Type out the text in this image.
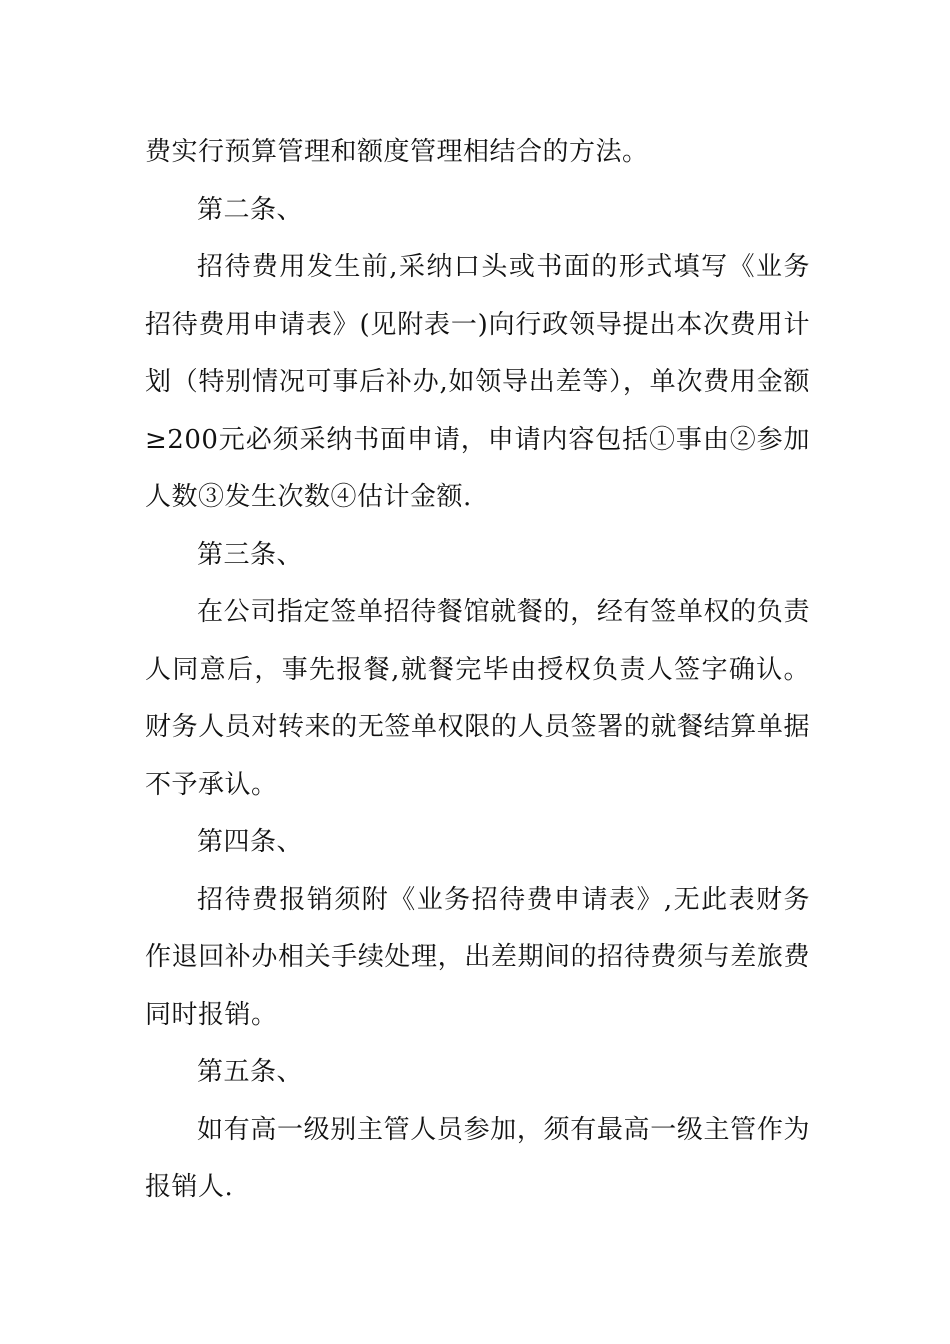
费实行预算管理和额度管理相结合的方法。

第二条、

招待费用发生前,采纳口头或书面的形式填写《业务招待费用申请表》(见附表一)向行政领导提出本次费用计划（特别情况可事后补办,如领导出差等），单次费用金额≥200元必须采纳书面申请，申请内容包括①事由②参加人数③发生次数④估计金额.

第三条、

在公司指定签单招待餐馆就餐的，经有签单权的负责人同意后，事先报餐,就餐完毕由授权负责人签字确认。财务人员对转来的无签单权限的人员签署的就餐结算单据不予承认。

第四条、

招待费报销须附《业务招待费申请表》,无此表财务作退回补办相关手续处理，出差期间的招待费须与差旅费同时报销。

第五条、

如有高一级别主管人员参加，须有最高一级主管作为报销人.
